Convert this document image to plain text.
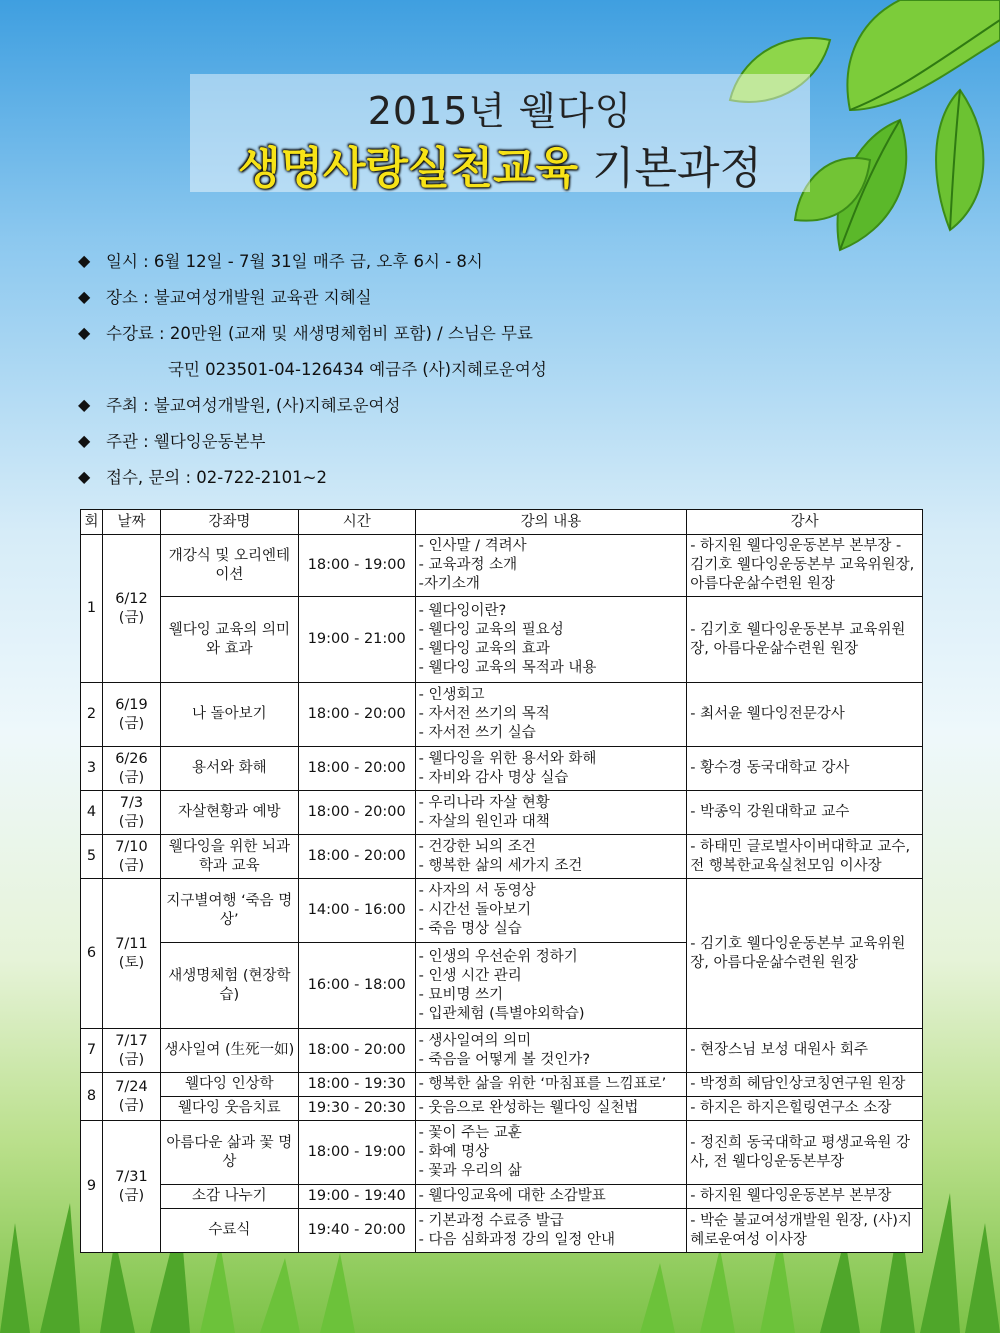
2015년 웰다잉
생명사랑실천교육 기본과정
◆ 일시 : 6월 12일 - 7월 31일 매주 금, 오후 6시 - 8시
◆ 장소 : 불교여성개발원 교육관 지혜실
◆ 수강료 : 20만원 (교재 및 새생명체험비 포함) / 스님은 무료
국민 023501-04-126434 예금주 (사)지혜로운여성
◆ 주최 : 불교여성개발원, (사)지혜로운여성
◆ 주관 : 웰다잉운동본부
◆ 접수, 문의 : 02-722-2101~2
회	날짜	강좌명	시간	강의 내용	강사
1	6/12
(금)	개강식 및 오리엔테이션	18:00 - 19:00	- 인사말 / 격려사
- 교육과정 소개
-자기소개	- 하지원 웰다잉운동본부 본부장 - 김기호 웰다잉운동본부 교육위원장, 아름다운삶수련원 원장
		웰다잉 교육의 의미와 효과	19:00 - 21:00	- 웰다잉이란?
- 웰다잉 교육의 필요성
- 웰다잉 교육의 효과
- 웰다잉 교육의 목적과 내용	- 김기호 웰다잉운동본부 교육위원장, 아름다운삶수련원 원장
2	6/19
(금)	나 돌아보기	18:00 - 20:00	- 인생회고
- 자서전 쓰기의 목적
- 자서전 쓰기 실습	- 최서윤 웰다잉전문강사
3	6/26
(금)	용서와 화해	18:00 - 20:00	- 웰다잉을 위한 용서와 화해
- 자비와 감사 명상 실습	- 황수경 동국대학교 강사
4	7/3
(금)	자살현황과 예방	18:00 - 20:00	- 우리나라 자살 현황
- 자살의 원인과 대책	- 박종익 강원대학교 교수
5	7/10
(금)	웰다잉을 위한 뇌과학과 교육	18:00 - 20:00	- 건강한 뇌의 조건
- 행복한 삶의 세가지 조건	- 하태민 글로벌사이버대학교 교수, 전 행복한교육실천모임 이사장
6	7/11
(토)	지구별여행 ‘죽음 명상’	14:00 - 16:00	- 사자의 서 동영상
- 시간선 돌아보기
- 죽음 명상 실습	- 김기호 웰다잉운동본부 교육위원장, 아름다운삶수련원 원장
		새생명체험 (현장학습)	16:00 - 18:00	- 인생의 우선순위 정하기
- 인생 시간 관리
- 묘비명 쓰기
- 입관체험 (특별야외학습)	
7	7/17
(금)	생사일여 (生死一如)	18:00 - 20:00	- 생사일여의 의미
- 죽음을 어떻게 볼 것인가?	- 현장스님 보성 대원사 회주
8	7/24
(금)	웰다잉 인상학	18:00 - 19:30	- 행복한 삶을 위한 ‘마침표를 느낌표로’	- 박정희 헤담인상코칭연구원 원장
		웰다잉 웃음치료	19:30 - 20:30	- 웃음으로 완성하는 웰다잉 실천법	- 하지은 하지은힐링연구소 소장
9	7/31
(금)	아름다운 삶과 꽃 명상	18:00 - 19:00	- 꽃이 주는 교훈
- 화예 명상
- 꽃과 우리의 삶	- 정진희 동국대학교 평생교육원 강사, 전 웰다잉운동본부장
		소감 나누기	19:00 - 19:40	- 웰다잉교육에 대한 소감발표	- 하지원 웰다잉운동본부 본부장
		수료식	19:40 - 20:00	- 기본과정 수료증 발급
- 다음 심화과정 강의 일정 안내	- 박순 불교여성개발원 원장, (사)지혜로운여성 이사장
